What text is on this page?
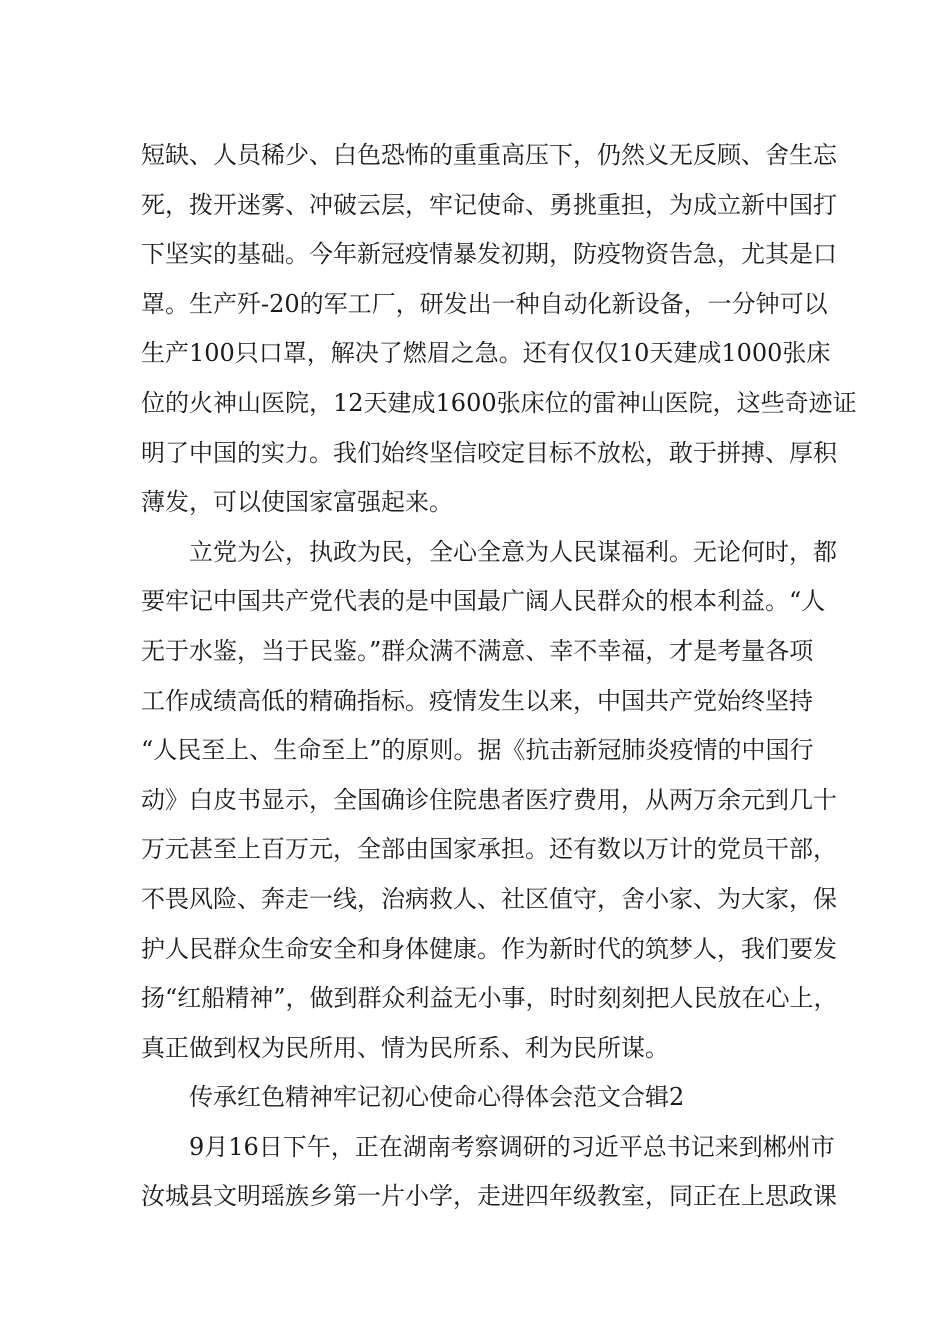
短缺、人员稀少、白色恐怖的重重高压下，仍然义无反顾、舍生忘
死，拨开迷雾、冲破云层，牢记使命、勇挑重担，为成立新中国打
下坚实的基础。今年新冠疫情暴发初期，防疫物资告急，尤其是口
罩。生产歼-20的军工厂，研发出一种自动化新设备，一分钟可以
生产100只口罩，解决了燃眉之急。还有仅仅10天建成1000张床
位的火神山医院，12天建成1600张床位的雷神山医院，这些奇迹证
明了中国的实力。我们始终坚信咬定目标不放松，敢于拼搏、厚积
薄发，可以使国家富强起来。
立党为公，执政为民，全心全意为人民谋福利。无论何时，都
要牢记中国共产党代表的是中国最广阔人民群众的根本利益。“人
无于水鉴，当于民鉴。”群众满不满意、幸不幸福，才是考量各项
工作成绩高低的精确指标。疫情发生以来，中国共产党始终坚持
“人民至上、生命至上”的原则。据《抗击新冠肺炎疫情的中国行
动》白皮书显示，全国确诊住院患者医疗费用，从两万余元到几十
万元甚至上百万元，全部由国家承担。还有数以万计的党员干部，
不畏风险、奔走一线，治病救人、社区值守，舍小家、为大家，保
护人民群众生命安全和身体健康。作为新时代的筑梦人，我们要发
扬“红船精神”，做到群众利益无小事，时时刻刻把人民放在心上，
真正做到权为民所用、情为民所系、利为民所谋。
传承红色精神牢记初心使命心得体会范文合辑2
9月16日下午，正在湖南考察调研的习近平总书记来到郴州市
汝城县文明瑶族乡第一片小学，走进四年级教室，同正在上思政课
